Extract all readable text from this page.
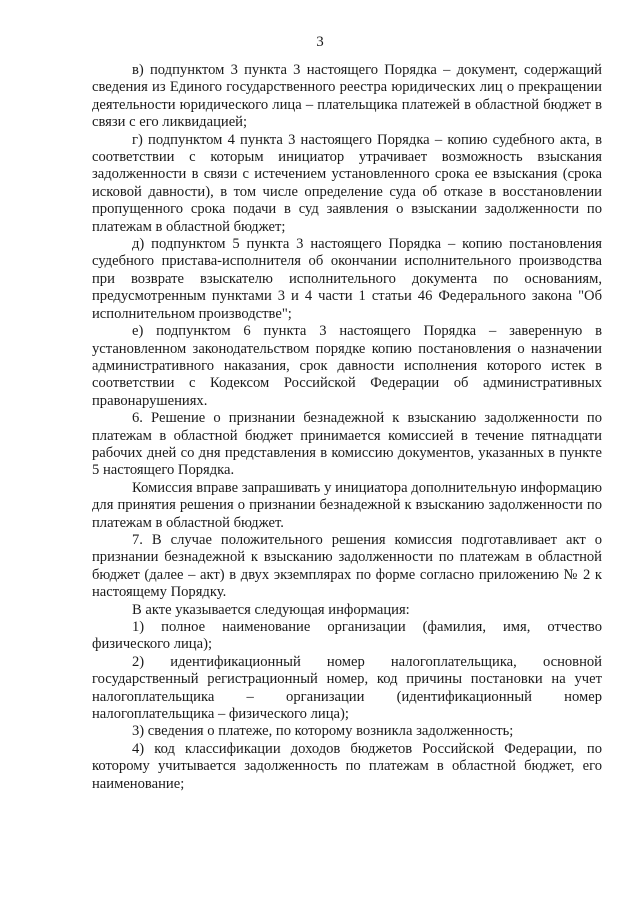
3

в) подпунктом 3 пункта 3 настоящего Порядка – документ, содержащий сведения из Единого государственного реестра юридических лиц о прекращении деятельности юридического лица – плательщика платежей в областной бюджет в связи с его ликвидацией;

г) подпунктом 4 пункта 3 настоящего Порядка – копию судебного акта, в соответствии с которым инициатор утрачивает возможность взыскания задолженности в связи с истечением установленного срока ее взыскания (срока исковой давности), в том числе определение суда об отказе в восстановлении пропущенного срока подачи в суд заявления о взыскании задолженности по платежам в областной бюджет;

д) подпунктом 5 пункта 3 настоящего Порядка – копию постановления судебного пристава-исполнителя об окончании исполнительного производства при возврате взыскателю исполнительного документа по основаниям, предусмотренным пунктами 3 и 4 части 1 статьи 46 Федерального закона "Об исполнительном производстве";

е) подпунктом 6 пункта 3 настоящего Порядка – заверенную в установленном законодательством порядке копию постановления о назначении административного наказания, срок давности исполнения которого истек в соответствии с Кодексом Российской Федерации об административных правонарушениях.

6. Решение о признании безнадежной к взысканию задолженности по платежам в областной бюджет принимается комиссией в течение пятнадцати рабочих дней со дня представления в комиссию документов, указанных в пункте 5 настоящего Порядка.

Комиссия вправе запрашивать у инициатора дополнительную информацию для принятия решения о признании безнадежной к взысканию задолженности по платежам в областной бюджет.

7. В случае положительного решения комиссия подготавливает акт о признании безнадежной к взысканию задолженности по платежам в областной бюджет (далее – акт) в двух экземплярах по форме согласно приложению № 2 к настоящему Порядку.

В акте указывается следующая информация:

1) полное наименование организации (фамилия, имя, отчество физического лица);

2) идентификационный номер налогоплательщика, основной государственный регистрационный номер, код причины постановки на учет налогоплательщика – организации (идентификационный номер налогоплательщика – физического лица);

3) сведения о платеже, по которому возникла задолженность;

4) код классификации доходов бюджетов Российской Федерации, по которому учитывается задолженность по платежам в областной бюджет, его наименование;
